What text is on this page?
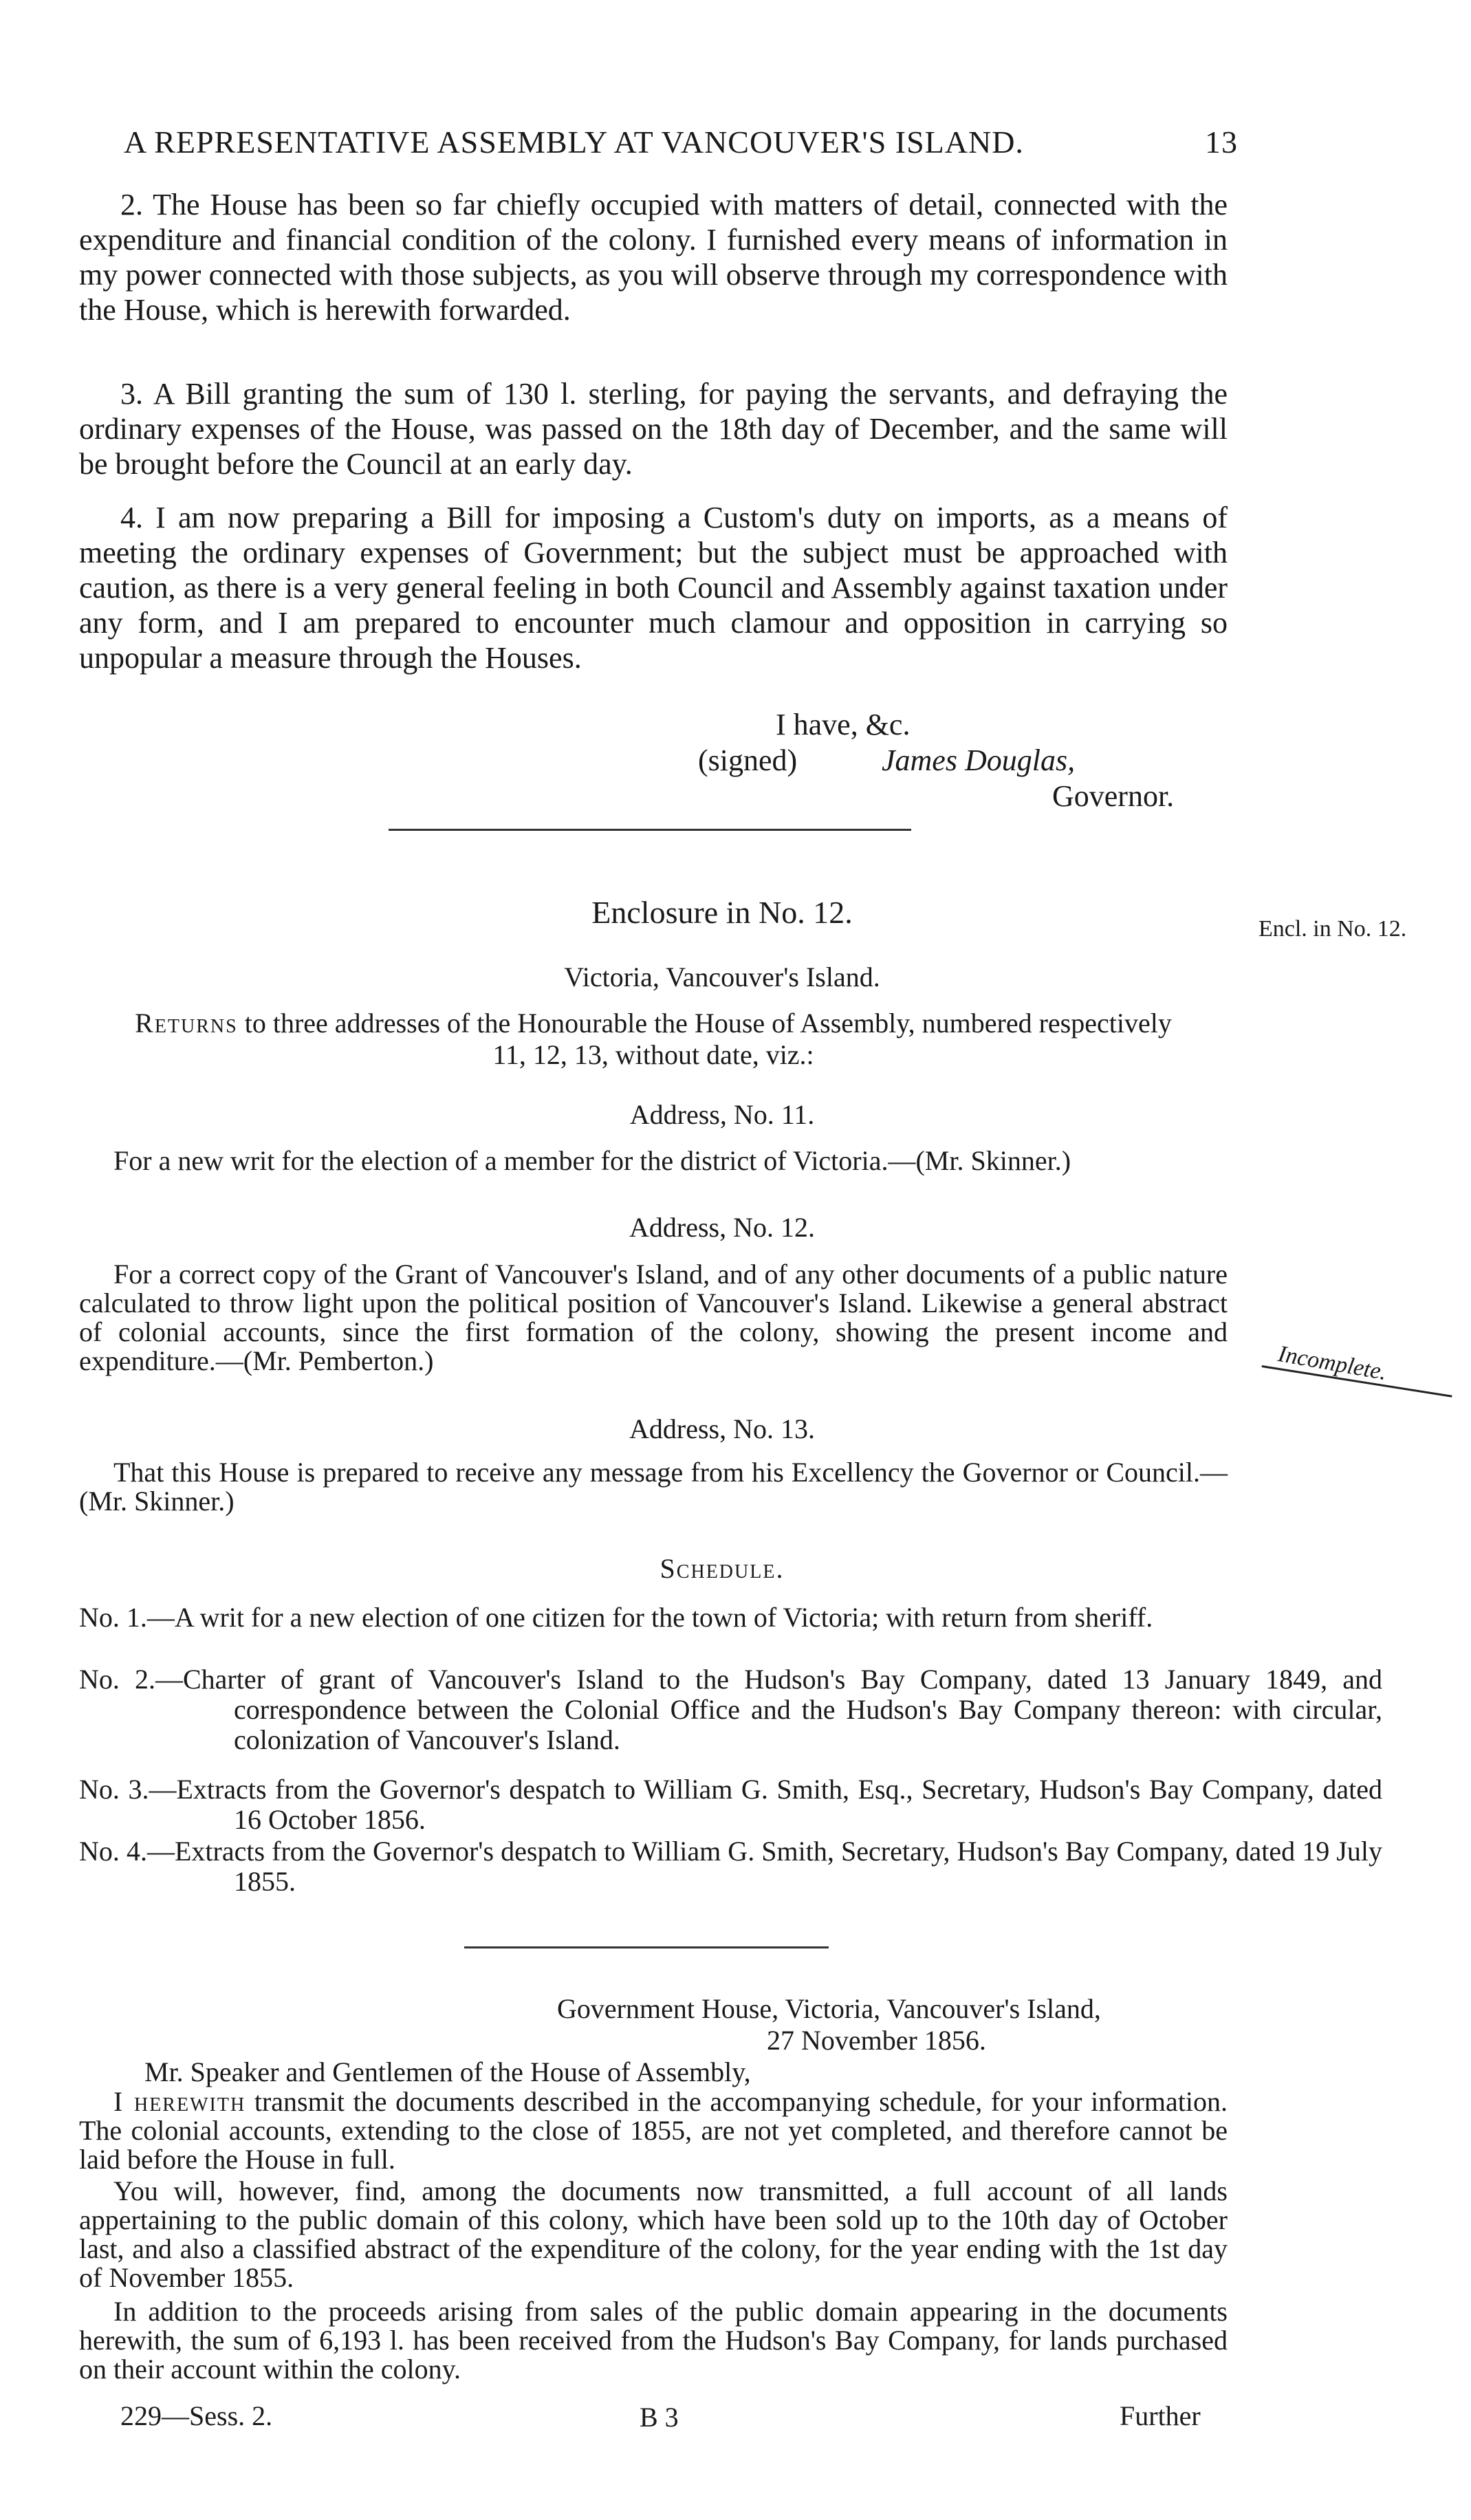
A REPRESENTATIVE ASSEMBLY AT VANCOUVER'S ISLAND.	13
2. The House has been so far chiefly occupied with matters of detail, connected with the expenditure and financial condition of the colony. I furnished every means of information in my power connected with those subjects, as you will observe through my correspondence with the House, which is herewith forwarded.
3. A Bill granting the sum of 130 l. sterling, for paying the servants, and defraying the ordinary expenses of the House, was passed on the 18th day of December, and the same will be brought before the Council at an early day.
4. I am now preparing a Bill for imposing a Custom's duty on imports, as a means of meeting the ordinary expenses of Government; but the subject must be approached with caution, as there is a very general feeling in both Council and Assembly against taxation under any form, and I am prepared to encounter much clamour and opposition in carrying so unpopular a measure through the Houses.
I have, &c.
(signed)	James Douglas,
Governor.
Enclosure in No. 12.	Encl. in No. 12.
Victoria, Vancouver's Island.
Returns to three addresses of the Honourable the House of Assembly, numbered respectively 11, 12, 13, without date, viz.:
Address, No. 11.
For a new writ for the election of a member for the district of Victoria.—(Mr. Skinner.)
Address, No. 12.
For a correct copy of the Grant of Vancouver's Island, and of any other documents of a public nature calculated to throw light upon the political position of Vancouver's Island. Likewise a general abstract of colonial accounts, since the first formation of the colony, showing the present income and expenditure.—(Mr. Pemberton.)	Incomplete.
Address, No. 13.
That this House is prepared to receive any message from his Excellency the Governor or Council.—(Mr. Skinner.)
Schedule.
No. 1.—A writ for a new election of one citizen for the town of Victoria; with return from sheriff.
No. 2.—Charter of grant of Vancouver's Island to the Hudson's Bay Company, dated 13 January 1849, and correspondence between the Colonial Office and the Hudson's Bay Company thereon: with circular, colonization of Vancouver's Island.
No. 3.—Extracts from the Governor's despatch to William G. Smith, Esq., Secretary, Hudson's Bay Company, dated 16 October 1856.
No. 4.—Extracts from the Governor's despatch to William G. Smith, Secretary, Hudson's Bay Company, dated 19 July 1855.
Government House, Victoria, Vancouver's Island,
27 November 1856.
Mr. Speaker and Gentlemen of the House of Assembly,
I herewith transmit the documents described in the accompanying schedule, for your information. The colonial accounts, extending to the close of 1855, are not yet completed, and therefore cannot be laid before the House in full.
You will, however, find, among the documents now transmitted, a full account of all lands appertaining to the public domain of this colony, which have been sold up to the 10th day of October last, and also a classified abstract of the expenditure of the colony, for the year ending with the 1st day of November 1855.
In addition to the proceeds arising from sales of the public domain appearing in the documents herewith, the sum of 6,193 l. has been received from the Hudson's Bay Company, for lands purchased on their account within the colony.
229—Sess. 2.	B 3	Further
